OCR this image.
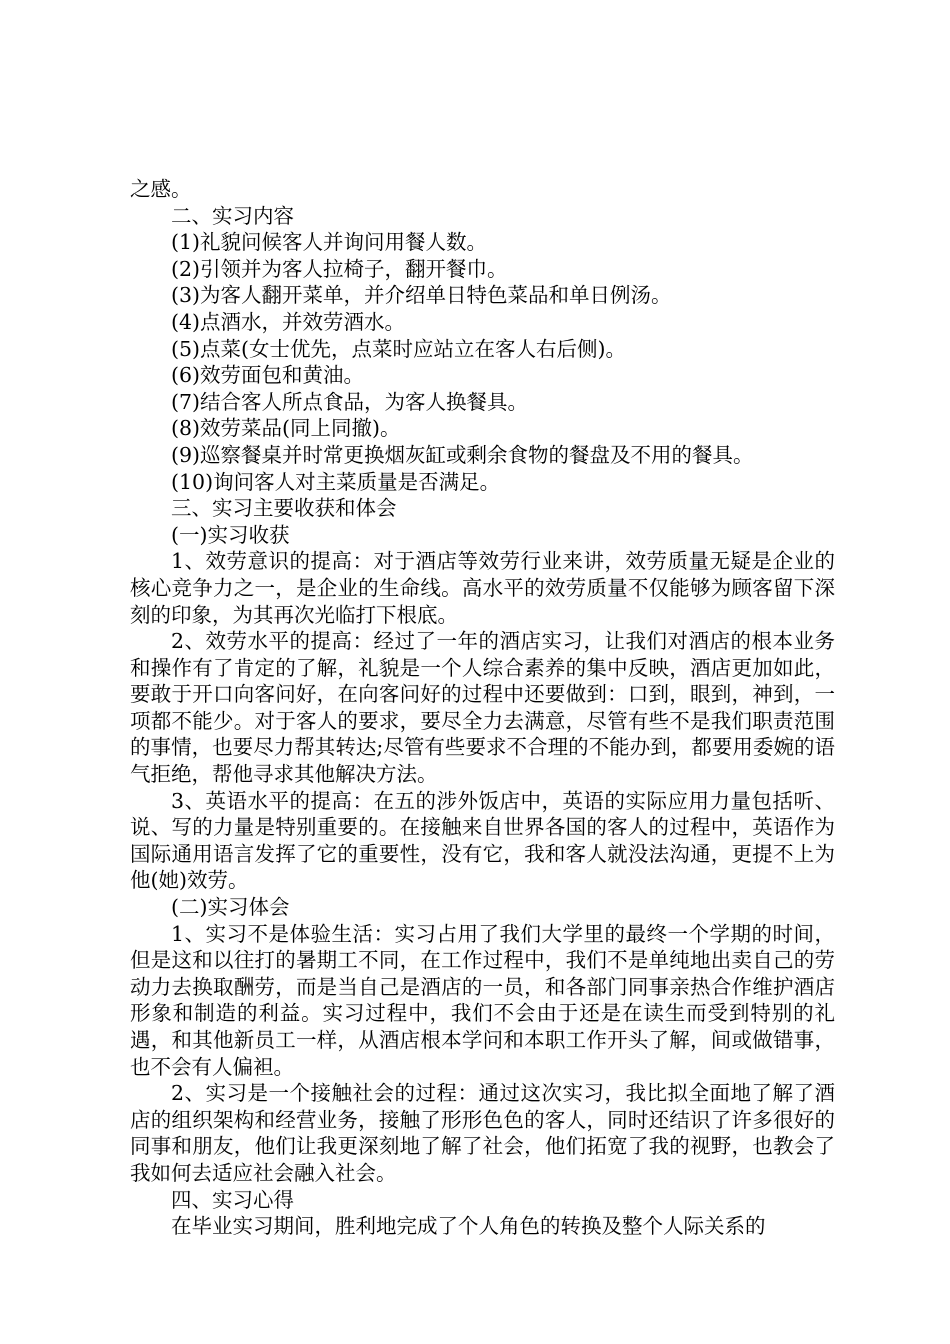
之感。

二、实习内容

(1)礼貌问候客人并询问用餐人数。

(2)引领并为客人拉椅子，翻开餐巾。

(3)为客人翻开菜单，并介绍单日特色菜品和单日例汤。

(4)点酒水，并效劳酒水。

(5)点菜(女士优先，点菜时应站立在客人右后侧)。

(6)效劳面包和黄油。

(7)结合客人所点食品，为客人换餐具。

(8)效劳菜品(同上同撤)。

(9)巡察餐桌并时常更换烟灰缸或剩余食物的餐盘及不用的餐具。

(10)询问客人对主菜质量是否满足。

三、实习主要收获和体会

(一)实习收获

1、效劳意识的提高：对于酒店等效劳行业来讲，效劳质量无疑是企业的核心竞争力之一，是企业的生命线。高水平的效劳质量不仅能够为顾客留下深刻的印象，为其再次光临打下根底。

2、效劳水平的提高：经过了一年的酒店实习，让我们对酒店的根本业务和操作有了肯定的了解，礼貌是一个人综合素养的集中反映，酒店更加如此，要敢于开口向客问好，在向客问好的过程中还要做到：口到，眼到，神到，一项都不能少。对于客人的要求，要尽全力去满意，尽管有些不是我们职责范围的事情，也要尽力帮其转达;尽管有些要求不合理的不能办到，都要用委婉的语气拒绝，帮他寻求其他解决方法。

3、英语水平的提高：在五的涉外饭店中，英语的实际应用力量包括听、说、写的力量是特别重要的。在接触来自世界各国的客人的过程中，英语作为国际通用语言发挥了它的重要性，没有它，我和客人就没法沟通，更提不上为他(她)效劳。

(二)实习体会

1、实习不是体验生活：实习占用了我们大学里的最终一个学期的时间，但是这和以往打的暑期工不同，在工作过程中，我们不是单纯地出卖自己的劳动力去换取酬劳，而是当自己是酒店的一员，和各部门同事亲热合作维护酒店形象和制造的利益。实习过程中，我们不会由于还是在读生而受到特别的礼遇，和其他新员工一样，从酒店根本学问和本职工作开头了解，间或做错事，也不会有人偏袒。

2、实习是一个接触社会的过程：通过这次实习，我比拟全面地了解了酒店的组织架构和经营业务，接触了形形色色的客人，同时还结识了许多很好的同事和朋友，他们让我更深刻地了解了社会，他们拓宽了我的视野，也教会了我如何去适应社会融入社会。

四、实习心得

在毕业实习期间，胜利地完成了个人角色的转换及整个人际关系的
